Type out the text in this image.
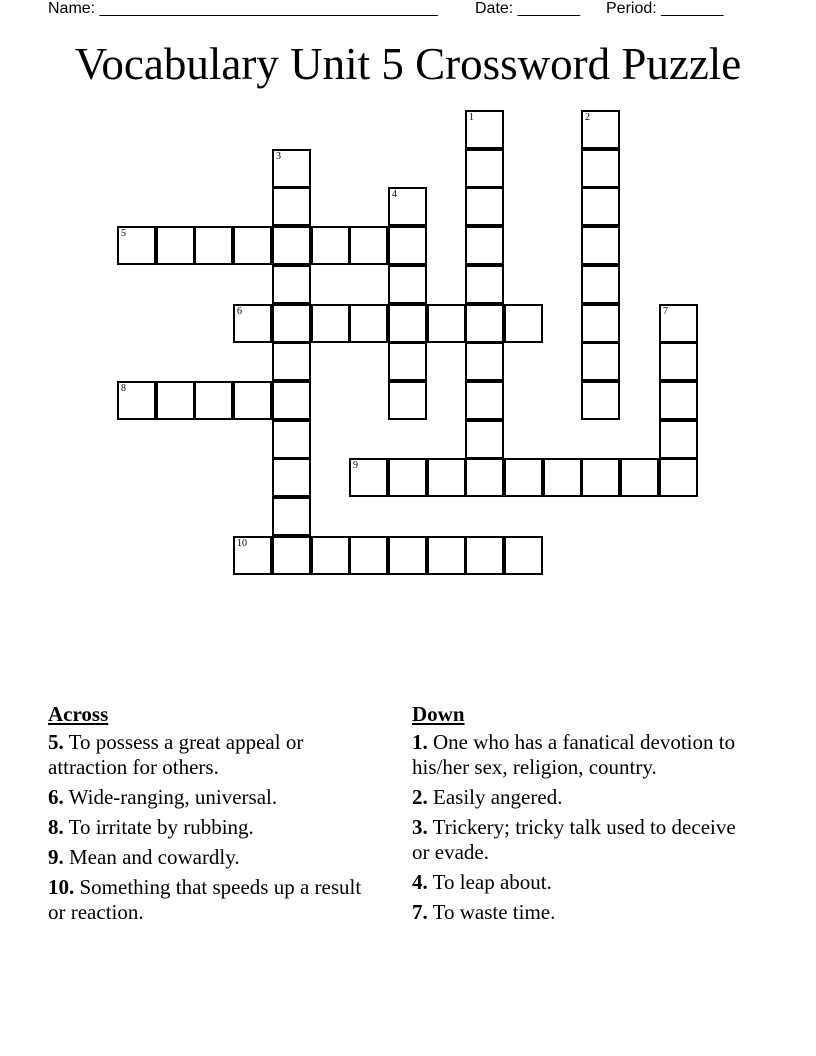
Name: ______________________________________ Date: _______ Period: _______
Vocabulary Unit 5 Crossword Puzzle
1	2
3
4
5
6	7
8
9
10
Across
5. To possess a great appeal or attraction for others.
6. Wide-ranging, universal.
8. To irritate by rubbing.
9. Mean and cowardly.
10. Something that speeds up a result or reaction.
Down
1. One who has a fanatical devotion to his/her sex, religion, country.
2. Easily angered.
3. Trickery; tricky talk used to deceive or evade.
4. To leap about.
7. To waste time.
